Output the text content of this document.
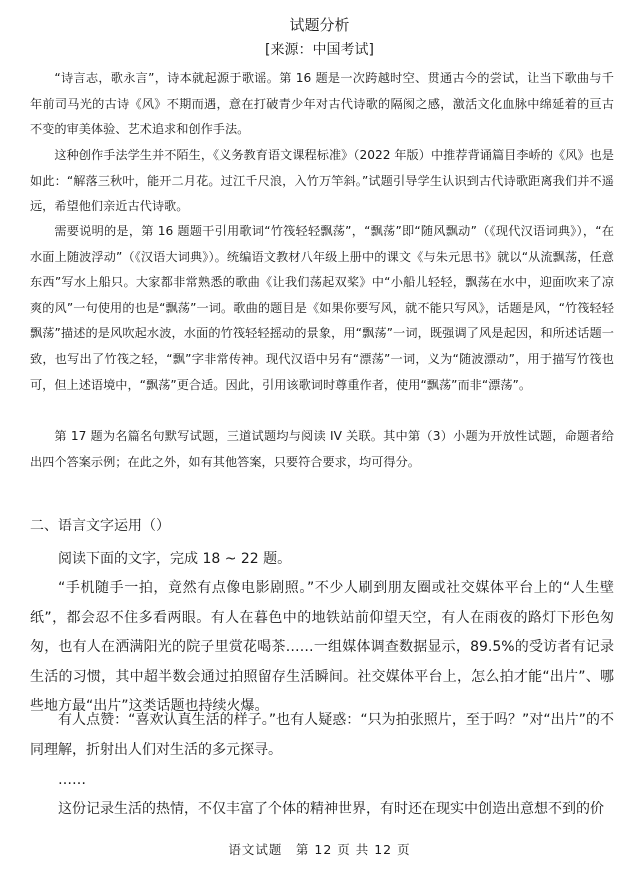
试题分析
[来源：中国考试]

“诗言志，歌永言”，诗本就起源于歌谣。第 16 题是一次跨越时空、贯通古今的尝试，让当下歌曲与千年前司马光的古诗《风》不期而遇，意在打破青少年对古代诗歌的隔阂之感，激活文化血脉中绵延着的亘古不变的审美体验、艺术追求和创作手法。

这种创作手法学生并不陌生，《义务教育语文课程标准》（2022 年版）中推荐背诵篇目李峤的《风》也是如此：“解落三秋叶，能开二月花。过江千尺浪，入竹万竿斜。”试题引导学生认识到古代诗歌距离我们并不遥远，希望他们亲近古代诗歌。

需要说明的是，第 16 题题干引用歌词“竹筏轻轻飘荡”，“飘荡”即“随风飘动”（《现代汉语词典》），“在水面上随波浮动”（《汉语大词典》）。统编语文教材八年级上册中的课文《与朱元思书》就以“从流飘荡，任意东西”写水上船只。大家都非常熟悉的歌曲《让我们荡起双桨》中“小船儿轻轻，飘荡在水中，迎面吹来了凉爽的风”一句使用的也是“飘荡”一词。歌曲的题目是《如果你要写风，就不能只写风》，话题是风，“竹筏轻轻飘荡”描述的是风吹起水波，水面的竹筏轻轻摇动的景象，用“飘荡”一词，既强调了风是起因，和所述话题一致，也写出了竹筏之轻，“飘”字非常传神。现代汉语中另有“漂荡”一词，义为“随波漂动”，用于描写竹筏也可，但上述语境中，“飘荡”更合适。因此，引用该歌词时尊重作者，使用“飘荡”而非“漂荡”。

第 17 题为名篇名句默写试题，三道试题均与阅读 IV 关联。其中第（3）小题为开放性试题，命题者给出四个答案示例；在此之外，如有其他答案，只要符合要求，均可得分。

二、语言文字运用（）

阅读下面的文字，完成 18 ~ 22 题。

“手机随手一拍，竟然有点像电影剧照。”不少人刷到朋友圈或社交媒体平台上的“人生壁纸”，都会忍不住多看两眼。有人在暮色中的地铁站前仰望天空，有人在雨夜的路灯下形色匆匆，也有人在洒满阳光的院子里赏花喝茶……一组媒体调查数据显示，89.5%的受访者有记录生活的习惯，其中超半数会通过拍照留存生活瞬间。社交媒体平台上，怎么拍才能“出片”、哪些地方最“出片”这类话题也持续火爆。

有人点赞：“喜欢认真生活的样子。”也有人疑惑：“只为拍张照片，至于吗？”对“出片”的不同理解，折射出人们对生活的多元探寻。

……

这份记录生活的热情，不仅丰富了个体的精神世界，有时还在现实中创造出意想不到的价

语文试题　第 12 页 共 12 页
